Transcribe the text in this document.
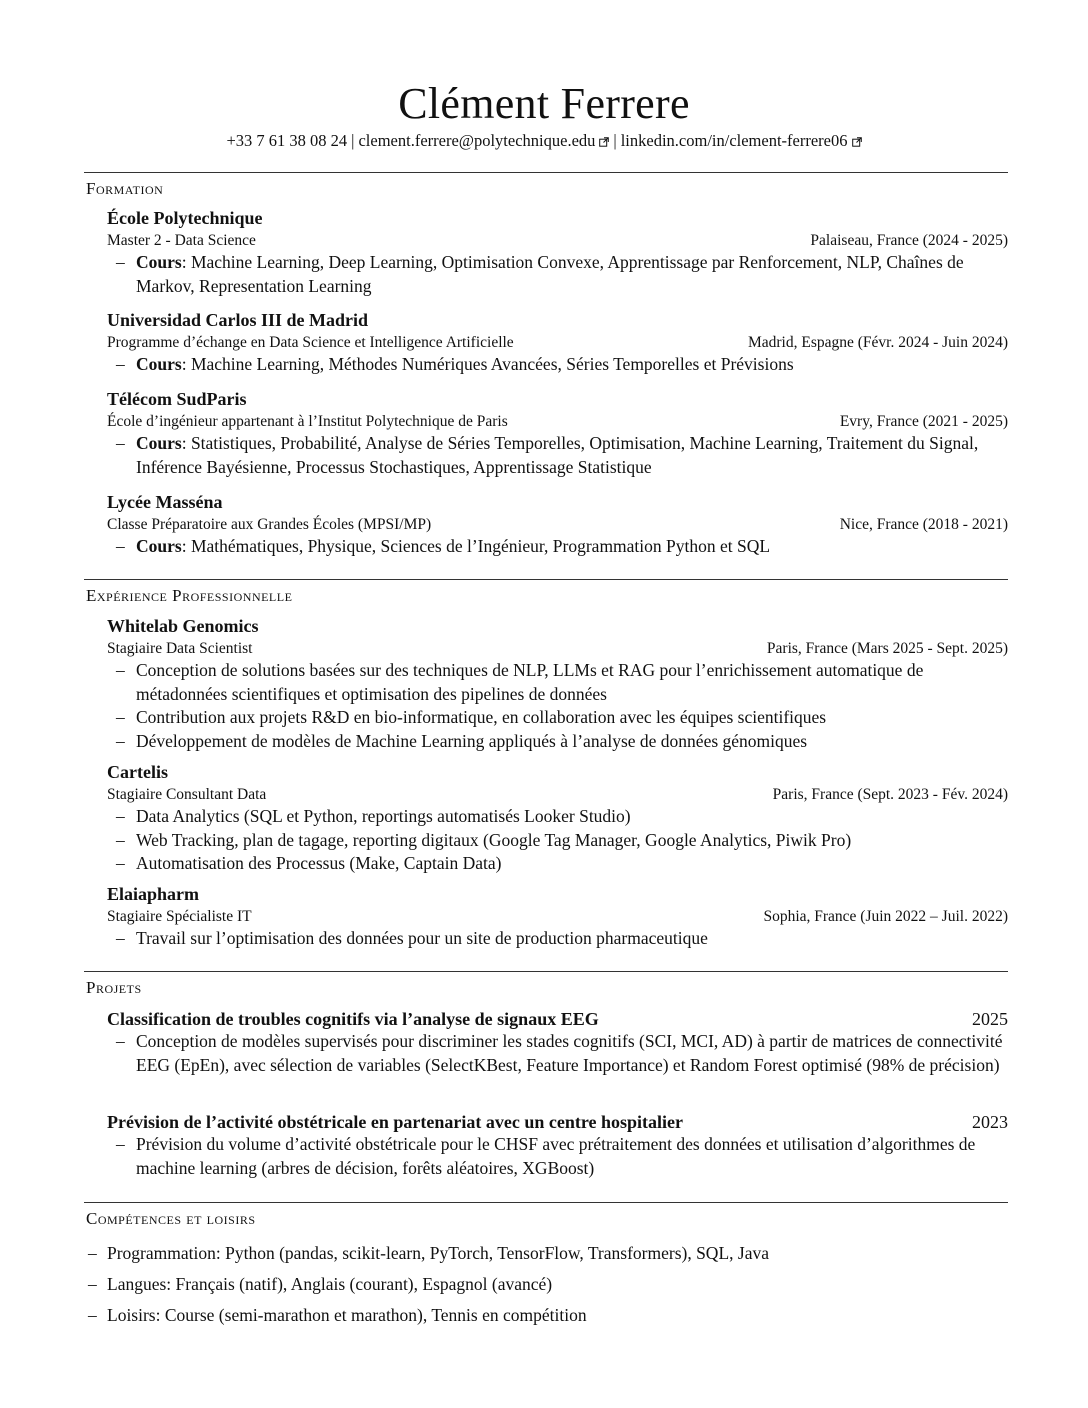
Clément Ferrere
+33 7 61 38 08 24 | clement.ferrere@polytechnique.edu | linkedin.com/in/clement-ferrere06
Formation
École Polytechnique
Master 2 - Data Science	Palaiseau, France (2024 - 2025)
– Cours: Machine Learning, Deep Learning, Optimisation Convexe, Apprentissage par Renforcement, NLP, Chaînes de Markov, Representation Learning
Universidad Carlos III de Madrid
Programme d’échange en Data Science et Intelligence Artificielle	Madrid, Espagne (Févr. 2024 - Juin 2024)
– Cours: Machine Learning, Méthodes Numériques Avancées, Séries Temporelles et Prévisions
Télécom SudParis
École d’ingénieur appartenant à l’Institut Polytechnique de Paris	Evry, France (2021 - 2025)
– Cours: Statistiques, Probabilité, Analyse de Séries Temporelles, Optimisation, Machine Learning, Traitement du Signal, Inférence Bayésienne, Processus Stochastiques, Apprentissage Statistique
Lycée Masséna
Classe Préparatoire aux Grandes Écoles (MPSI/MP)	Nice, France (2018 - 2021)
– Cours: Mathématiques, Physique, Sciences de l’Ingénieur, Programmation Python et SQL
Expérience Professionnelle
Whitelab Genomics
Stagiaire Data Scientist	Paris, France (Mars 2025 - Sept. 2025)
– Conception de solutions basées sur des techniques de NLP, LLMs et RAG pour l’enrichissement automatique de métadonnées scientifiques et optimisation des pipelines de données
– Contribution aux projets R&D en bio-informatique, en collaboration avec les équipes scientifiques
– Développement de modèles de Machine Learning appliqués à l’analyse de données génomiques
Cartelis
Stagiaire Consultant Data	Paris, France (Sept. 2023 - Fév. 2024)
– Data Analytics (SQL et Python, reportings automatisés Looker Studio)
– Web Tracking, plan de tagage, reporting digitaux (Google Tag Manager, Google Analytics, Piwik Pro)
– Automatisation des Processus (Make, Captain Data)
Elaiapharm
Stagiaire Spécialiste IT	Sophia, France (Juin 2022 – Juil. 2022)
– Travail sur l’optimisation des données pour un site de production pharmaceutique
Projets
Classification de troubles cognitifs via l’analyse de signaux EEG	2025
– Conception de modèles supervisés pour discriminer les stades cognitifs (SCI, MCI, AD) à partir de matrices de connectivité EEG (EpEn), avec sélection de variables (SelectKBest, Feature Importance) et Random Forest optimisé (98% de précision)
Prévision de l’activité obstétricale en partenariat avec un centre hospitalier	2023
– Prévision du volume d’activité obstétricale pour le CHSF avec prétraitement des données et utilisation d’algorithmes de machine learning (arbres de décision, forêts aléatoires, XGBoost)
Compétences et loisirs
– Programmation: Python (pandas, scikit-learn, PyTorch, TensorFlow, Transformers), SQL, Java
– Langues: Français (natif), Anglais (courant), Espagnol (avancé)
– Loisirs: Course (semi-marathon et marathon), Tennis en compétition
